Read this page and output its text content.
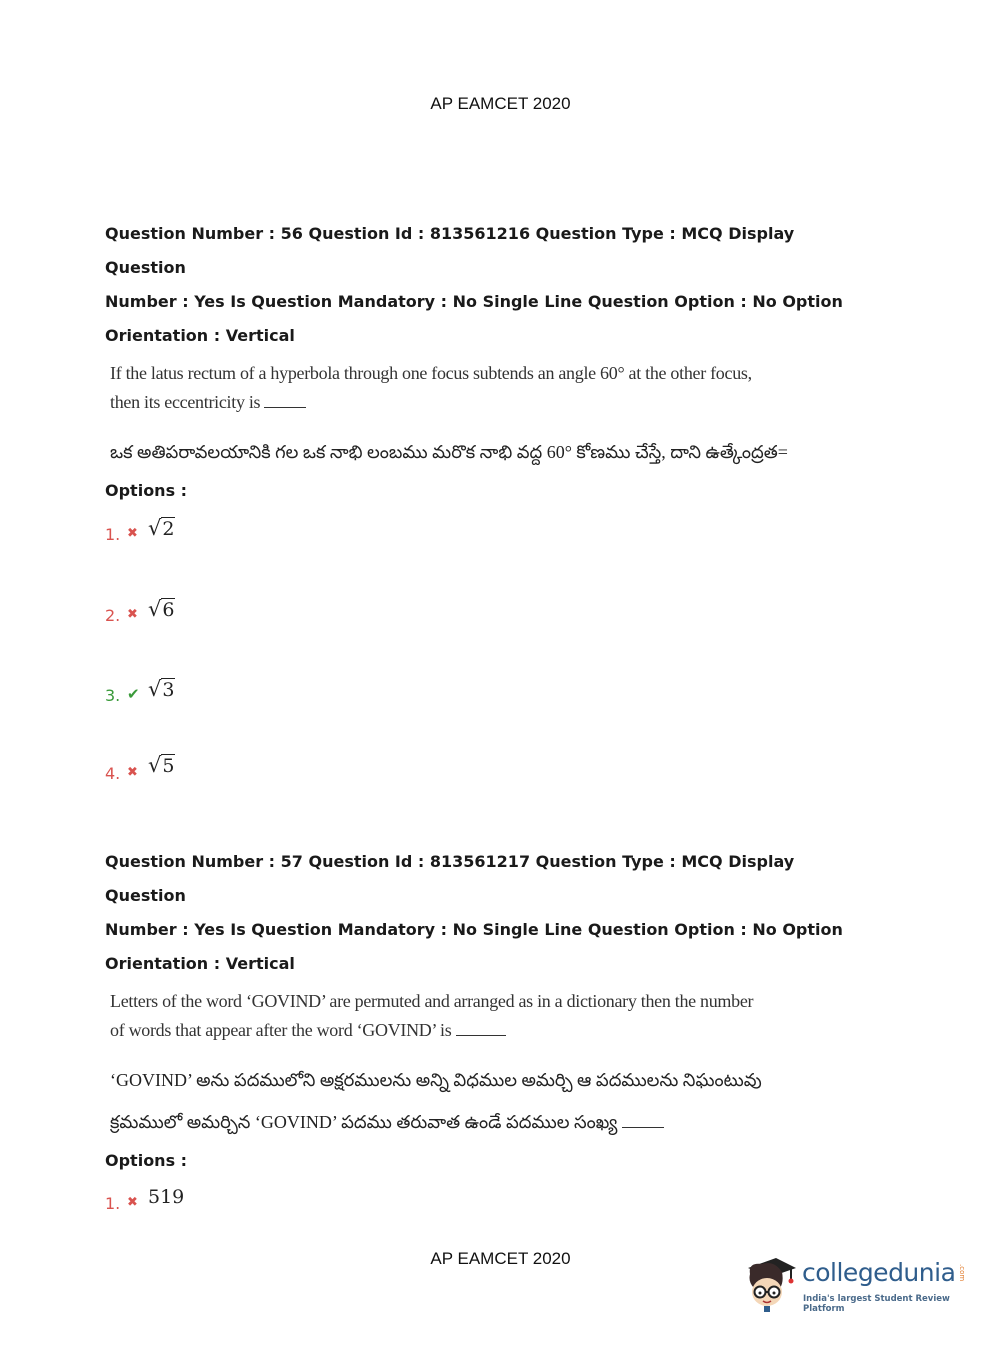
AP EAMCET 2020
Question Number : 56 Question Id : 813561216 Question Type : MCQ Display Question
Number : Yes Is Question Mandatory : No Single Line Question Option : No Option
Orientation : Vertical
If the latus rectum of a hyperbola through one focus subtends an angle 60° at the other focus,
then its eccentricity is
ఒక అతిపరావలయానికి గల ఒక నాభి లంబము మరొక నాభి వద్ద 60° కోణము చేస్తే, దాని ఉత్కేంద్రత=
Options :
1. ✖ √2
2. ✖ √6
3. ✔ √3
4. ✖ √5
Question Number : 57 Question Id : 813561217 Question Type : MCQ Display Question
Number : Yes Is Question Mandatory : No Single Line Question Option : No Option
Orientation : Vertical
Letters of the word ‘GOVIND’ are permuted and arranged as in a dictionary then the number
of words that appear after the word ‘GOVIND’ is
‘GOVIND’ అను పదములోని అక్షరములను అన్ని విధముల అమర్చి ఆ పదములను నిఘంటువు
క్రమములో అమర్చిన ‘GOVIND’ పదము తరువాత ఉండే పదముల సంఖ్య
Options :
1. ✖ 519
AP EAMCET 2020	collegedunia .com
India's largest Student Review Platform
